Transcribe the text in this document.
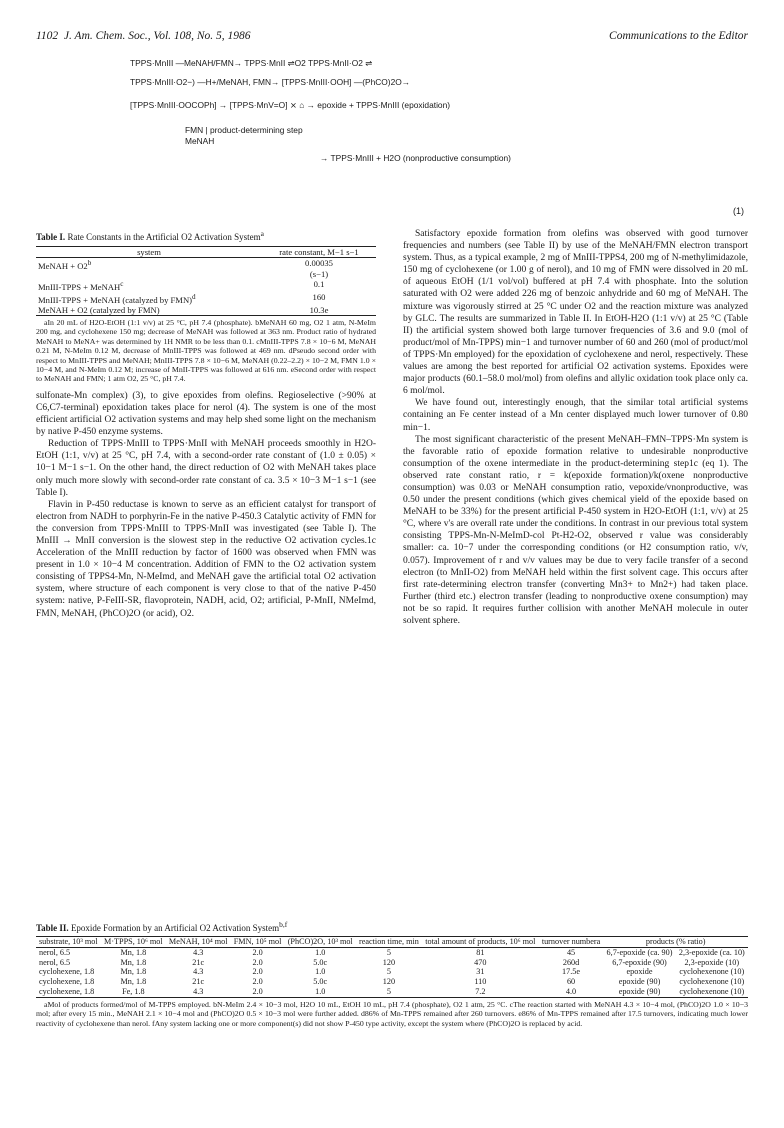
1102 J. Am. Chem. Soc., Vol. 108, No. 5, 1986	Communications to the Editor
TPPS·MnIII —MeNAH/FMN→ TPPS·MnII ⇌O2 TPPS·MnII·O2 ⇌
TPPS·MnIII·O2−) —H+/MeNAH, FMN→ [TPPS·MnIII·OOH] —(PhCO)2O→
[TPPS·MnIII·OOCOPh] → [TPPS·MnV=O] ⨯ ⌂ → epoxide + TPPS·MnIII (epoxidation)
FMN | product-determining step
MeNAH
→ TPPS·MnIII + H2O (nonproductive consumption)
(1)
Table I. Rate Constants in the Artificial O2 Activation System$^a$
system	rate constant, M−1 s−1
MeNAH + $O2^b$	0.00035
(s−1)
MnIII-TPPS + MeNAH$^c$	0.1
MnIII-TPPS + MeNAH (catalyzed by FMN)$^d$	160
MeNAH + O2 (catalyzed by FMN)	10.3e

aIn 20 mL of H2O-EtOH (1:1 v/v) at 25 °C, pH 7.4 (phosphate). bMeNAH 60 mg, O2 1 atm, N-MeIm 200 mg, and cyclohexene 150 mg; decrease of MeNAH was followed at 363 nm. Product ratio of hydrated MeNAH to MeNA+ was determined by 1H NMR to be less than 0.1. cMnIII-TPPS 7.8 × 10−6 M, MeNAH 0.21 M, N-MeIm 0.12 M, decrease of MnIII-TPPS was followed at 469 nm. dPseudo second order with respect to MnIII-TPPS and MeNAH; MnIII-TPPS 7.8 × 10−6 M, MeNAH (0.22–2.2) × 10−2 M, FMN 1.0 × 10−4 M, and N-MeIm 0.12 M; increase of MnII-TPPS was followed at 616 nm. eSecond order with respect to MeNAH and FMN; 1 atm O2, 25 °C, pH 7.4.

sulfonate-Mn complex) (3), to give epoxides from olefins. Regioselective (>90% at C6,C7-terminal) epoxidation takes place for nerol (4). The system is one of the most efficient artificial O2 activation systems and may help shed some light on the mechanism by native P-450 enzyme systems.

Reduction of TPPS·MnIII to TPPS·MnII with MeNAH proceeds smoothly in H2O-EtOH (1:1, v/v) at 25 °C, pH 7.4, with a second-order rate constant of (1.0 ± 0.05) × 10−1 M−1 s−1. On the other hand, the direct reduction of O2 with MeNAH takes place only much more slowly with second-order rate constant of ca. 3.5 × 10−3 M−1 s−1 (see Table I).

Flavin in P-450 reductase is known to serve as an efficient catalyst for transport of electron from NADH to porphyrin-Fe in the native P-450.3 Catalytic activity of FMN for the conversion from TPPS·MnIII to TPPS·MnII was investigated (see Table I). The MnIII → MnII conversion is the slowest step in the reductive O2 activation cycles.1c Acceleration of the MnIII reduction by factor of 1600 was observed when FMN was present in 1.0 × 10−4 M concentration. Addition of FMN to the O2 activation system consisting of TPPS4-Mn, N-MeImd, and MeNAH gave the artificial total O2 activation system, where structure of each component is very close to that of the native P-450 system: native, P-FeIII-SR, flavoprotein, NADH, acid, O2; artificial, P-MnII, NMeImd, FMN, MeNAH, (PhCO)2O (or acid), O2.

Satisfactory epoxide formation from olefins was observed with good turnover frequencies and numbers (see Table II) by use of the MeNAH/FMN electron transport system. Thus, as a typical example, 2 mg of MnIII-TPPS4, 200 mg of N-methylimidazole, 150 mg of cyclohexene (or 1.00 g of nerol), and 10 mg of FMN were dissolved in 20 mL of aqueous EtOH (1/1 vol/vol) buffered at pH 7.4 with phosphate. Into the solution saturated with O2 were added 226 mg of benzoic anhydride and 60 mg of MeNAH. The mixture was vigorously stirred at 25 °C under O2 and the reaction mixture was analyzed by GLC. The results are summarized in Table II. In EtOH-H2O (1:1 v/v) at 25 °C (Table II) the artificial system showed both large turnover frequencies of 3.6 and 9.0 (mol of product/mol of Mn-TPPS) min−1 and turnover number of 60 and 260 (mol of product/mol of TPPS·Mn employed) for the epoxidation of cyclohexene and nerol, respectively. These values are among the best reported for artificial O2 activation systems. Epoxides were major products (60.1–58.0 mol/mol) from olefins and allylic oxidation took place only ca. 6 mol/mol.

We have found out, interestingly enough, that the similar total artificial systems containing an Fe center instead of a Mn center displayed much lower turnover of 0.80 min−1.

The most significant characteristic of the present MeNAH–FMN–TPPS·Mn system is the favorable ratio of epoxide formation relative to undesirable nonproductive consumption of the oxene intermediate in the product-determining step1c (eq 1). The observed rate constant ratio, r = k(epoxide formation)/k(oxene nonproductive consumption) was 0.03 or MeNAH consumption ratio, vepoxide/vnonproductive, was 0.50 under the present conditions (which gives chemical yield of the epoxide based on MeNAH to be 33%) for the present artificial P-450 system in H2O-EtOH (1:1, v/v) at 25 °C, where v's are overall rate under the conditions. In contrast in our previous total system consisting TPPS-Mn-N-MeImD-col Pt-H2-O2, observed r value was considerably smaller: ca. 10−7 under the corresponding conditions (or H2 consumption ratio, v/v, 0.057). Improvement of r and v/v values may be due to very facile transfer of a second electron (to MnII-O2) from MeNAH held within the first solvent cage. This occurs after first rate-determining electron transfer (converting Mn3+ to Mn2+) had taken place. Further (third etc.) electron transfer (leading to nonproductive oxene consumption) may not be so rapid. It requires further collision with another MeNAH molecule in outer solvent sphere.

Table II. Epoxide Formation by an Artificial O2 Activation System$^{b,f}$
substrate, 10³ mol	M·TPPS, 10⁶ mol	MeNAH, 10⁴ mol	FMN, 10⁵ mol	(PhCO)2O, 10³ mol	reaction time, min	total amount of products, 10⁶ mol	turnover numbera	products (% ratio)	
nerol, 6.5	Mn, 1.8	4.3	2.0	1.0	5	81	45	6,7-epoxide (ca. 90)	2,3-epoxide (ca. 10)
nerol, 6.5	Mn, 1.8	21c	2.0	5.0c	120	470	260d	6,7-epoxide (90)	2,3-epoxide (10)
cyclohexene, 1.8	Mn, 1.8	4.3	2.0	1.0	5	31	17.5e	epoxide	cyclohexenone (10)
cyclohexene, 1.8	Mn, 1.8	21c	2.0	5.0c	120	110	60	epoxide (90)	cyclohexenone (10)
cyclohexene, 1.8	Fe, 1.8	4.3	2.0	1.0	5	7.2	4.0	epoxide (90)	cyclohexenone (10)

aMol of products formed/mol of M-TPPS employed. bN-MeIm 2.4 × 10−3 mol, H2O 10 mL, EtOH 10 mL, pH 7.4 (phosphate), O2 1 atm, 25 °C. cThe reaction started with MeNAH 4.3 × 10−4 mol, (PhCO)2O 1.0 × 10−3 mol; after every 15 min., MeNAH 2.1 × 10−4 mol and (PhCO)2O 0.5 × 10−3 mol were further added. d86% of Mn-TPPS remained after 260 turnovers. e86% of Mn-TPPS remained after 17.5 turnovers, indicating much lower reactivity of cyclohexene than nerol. fAny system lacking one or more component(s) did not show P-450 type activity, except the system where (PhCO)2O is replaced by acid.
